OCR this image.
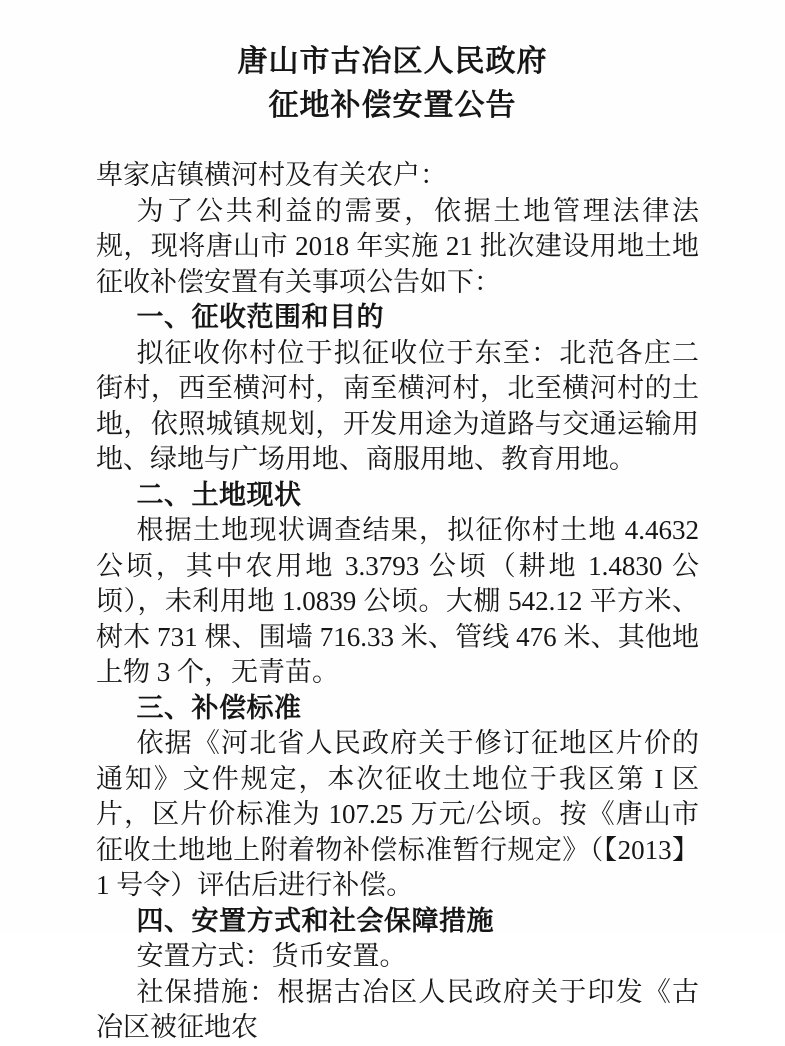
唐山市古冶区人民政府
征地补偿安置公告

卑家店镇横河村及有关农户：

为了公共利益的需要，依据土地管理法律法规，现将唐山市 2018 年实施 21 批次建设用地土地征收补偿安置有关事项公告如下：

一、征收范围和目的

拟征收你村位于拟征收位于东至：北范各庄二街村，西至横河村，南至横河村，北至横河村的土地，依照城镇规划，开发用途为道路与交通运输用地、绿地与广场用地、商服用地、教育用地。

二、土地现状

根据土地现状调查结果，拟征你村土地 4.4632 公顷，其中农用地 3.3793 公顷（耕地 1.4830 公顷），未利用地 1.0839 公顷。大棚 542.12 平方米、树木 731 棵、围墙 716.33 米、管线 476 米、其他地上物 3 个，无青苗。

三、补偿标准

依据《河北省人民政府关于修订征地区片价的通知》文件规定，本次征收土地位于我区第 I 区片，区片价标准为 107.25 万元/公顷。按《唐山市征收土地地上附着物补偿标准暂行规定》（【2013】1 号令）评估后进行补偿。

四、安置方式和社会保障措施

安置方式：货币安置。

社保措施：根据古冶区人民政府关于印发《古冶区被征地农
